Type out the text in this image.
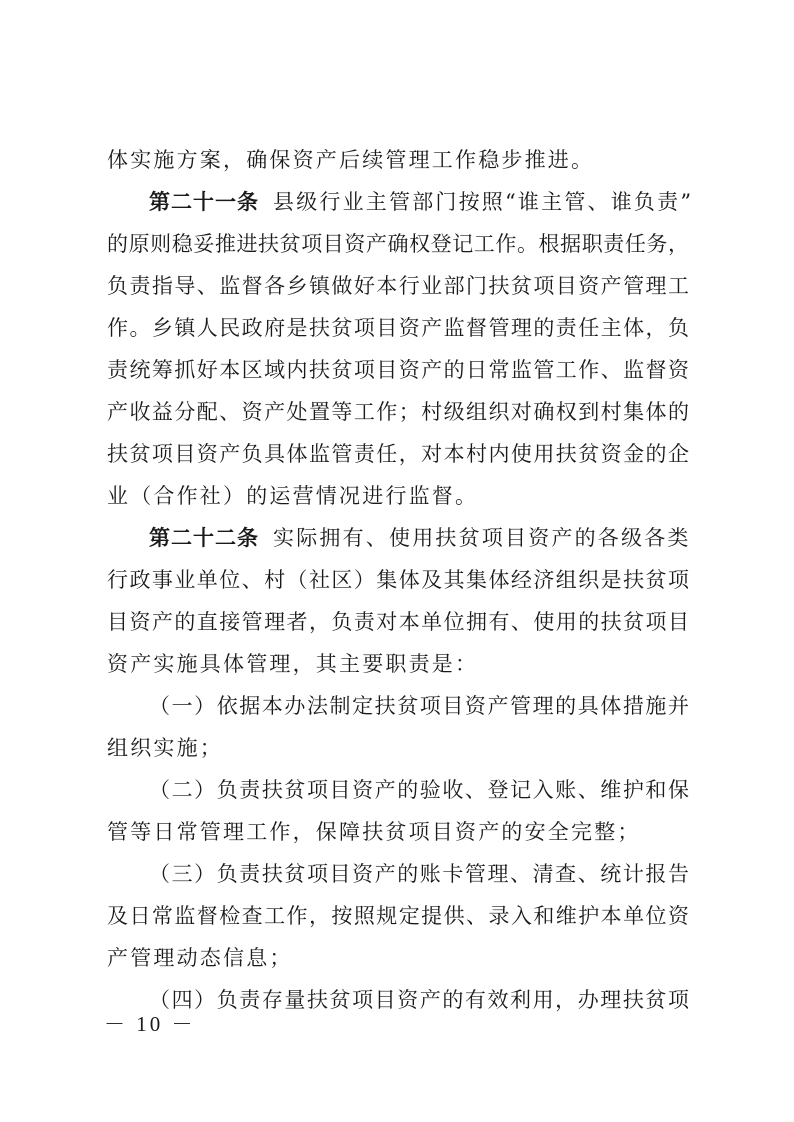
体实施方案，确保资产后续管理工作稳步推进。
第二十一条 县级行业主管部门按照“谁主管、谁负责”
的原则稳妥推进扶贫项目资产确权登记工作。根据职责任务，
负责指导、监督各乡镇做好本行业部门扶贫项目资产管理工
作。乡镇人民政府是扶贫项目资产监督管理的责任主体，负
责统筹抓好本区域内扶贫项目资产的日常监管工作、监督资
产收益分配、资产处置等工作；村级组织对确权到村集体的
扶贫项目资产负具体监管责任，对本村内使用扶贫资金的企
业（合作社）的运营情况进行监督。
第二十二条 实际拥有、使用扶贫项目资产的各级各类
行政事业单位、村（社区）集体及其集体经济组织是扶贫项
目资产的直接管理者，负责对本单位拥有、使用的扶贫项目
资产实施具体管理，其主要职责是：
（一）依据本办法制定扶贫项目资产管理的具体措施并
组织实施；
（二）负责扶贫项目资产的验收、登记入账、维护和保
管等日常管理工作，保障扶贫项目资产的安全完整；
（三）负责扶贫项目资产的账卡管理、清查、统计报告
及日常监督检查工作，按照规定提供、录入和维护本单位资
产管理动态信息；
（四）负责存量扶贫项目资产的有效利用，办理扶贫项
－ 10 －
